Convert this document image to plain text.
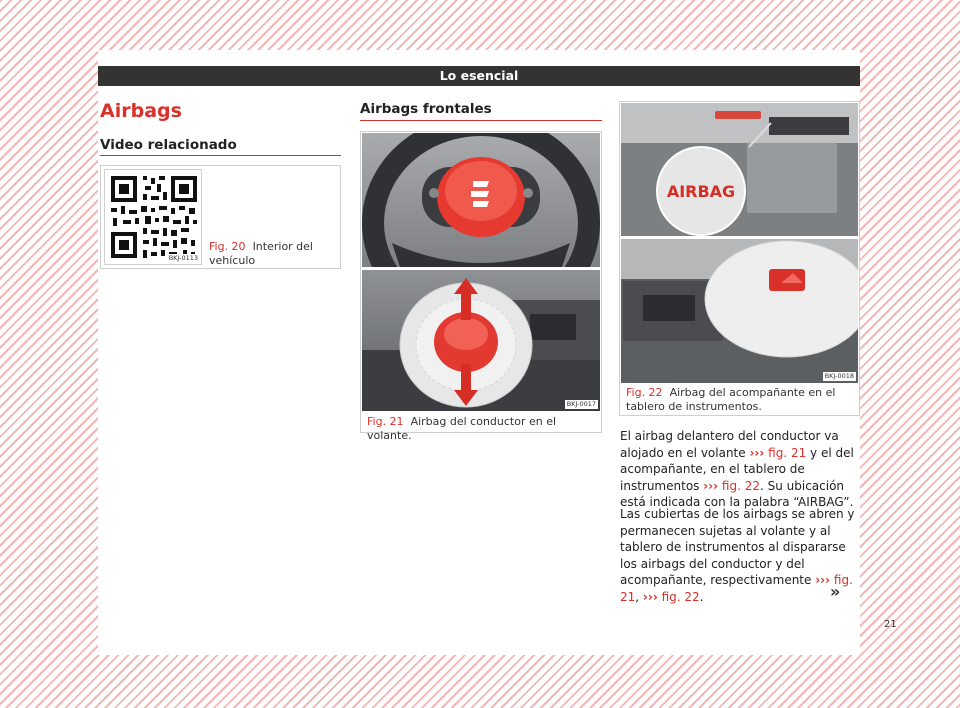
Lo esencial
Airbags
Video relacionado
BKJ-0113
Fig. 20 Interior del vehículo
Airbags frontales
BKJ-0017
Fig. 21 Airbag del conductor en el volante.
AIRBAG
BKJ-0018
Fig. 22 Airbag del acompañante en el tablero de instrumentos.
El airbag delantero del conductor va alojado en el volante ››› fig. 21 y el del acompañante, en el tablero de instrumentos ››› fig. 22. Su ubicación está indicada con la palabra “AIRBAG”.
Las cubiertas de los airbags se abren y permanecen sujetas al volante y al tablero de instrumentos al dispararse los airbags del conductor y del acompañante, respectivamente ››› fig. 21, ››› fig. 22.	»
21
